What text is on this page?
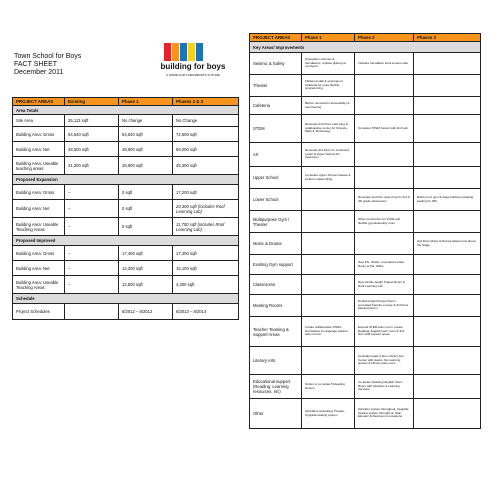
Town School for Boys
FACT SHEET
December 2011
building for boys
A HOME FOR TOMORROW'S FUTURE
PROJECT AREAS	Existing	Phase 1	Phases 2 & 3
Area Totals			
Site Area	35,113 sqft	No change	No Change
Building Area: Gross	54,540 sqft	54,540 sqft	72,600 sqft
Building Area: Net	48,500 sqft	48,900 sqft	69,200 sqft
Building Area: Useable teaching areas	31,300 sqft	28,900 sqft	45,300 sqft
Proposed Expansion			
Building Area: Gross	--	0 sqft	17,200 sqft
Building Area: Net	--	0 sqft	20,300 sqft (includes Roof Learning Lab)
Building Area: Useable Teaching Areas	--	0 sqft	11,700 sqft (includes Roof Learning Lab)
Proposed Improved			
Building Area: Gross	--	17,400 sqft	17,400 sqft
Building Area: Net	--	14,200 sqft	15,100 sqft
Building Area: Useable Teaching Areas	--	12,500 sqft	4,400 sqft
Schedule			
Project Schedules		6/2012 – 8/2012	6/2013 – 8/2014
PROJECT AREAS	Phase 1	Phase 2	Phases 3
Key Areas/ Improvements			
Seismic & Safety	Strengthen columns & foundations, replace glazing at courtyard	Includes foundation work at west stair	
Theater	Flattened slab & openings to Cafeteria for more flexible programming		
Cafeteria	Barrier removal for accessibility & new flooring		
STEM	Renovate 2nd Floor east wing to collaborative center for Science, Math & Technology	Complete STEM Center with 2nd Lab	
Art	Renovate 3rd Floor for combined Lower & Upper School Art classroom		
Upper School	Co-locate Upper School classes & lockers in East Wing		
Lower School		Renovate 2nd floor west wing for 3rd & 4th grade classrooms	Build out of gym & stage finishes including seating for 450
Multipurpose Gym / Theater		Shell construction for 6,000 sqft flexible gym/assembly room	
Music & Drama			2nd Floor Music & Drama classrooms above the Stage
Existing Gym support		New P.E. Studio, renovated Locker Room & P.E. Office	
Classrooms		New double-height Project Room & Roof Learning Lab	
Meeting Rooms		Double-height Project Room, renovated Faculty Lounge & 3rd Floor Meeting Room	
Teacher Teaming & Support Areas	Create collaborative STEM, Humanities & Language teacher team rooms	Expand STEM team room, create Reading/ English team room & 3rd floor staff support space	
Literary Arts		Centrally locate 2 floor Library Arts Center with stacks, flex learning spaces & Library team room	
Educational support (Reading; Learning resources, etc)	Option to co-locate 5 Reading Rooms	Co-locate Reading/ English Team Room with Libraries & Learning Services	
Other	Sprinklers at Existing Theater, Upgrade heating system	Sprinkler system throughout, Upgrade heating system throughout, Stair, Elevator & Restroom renovations	
